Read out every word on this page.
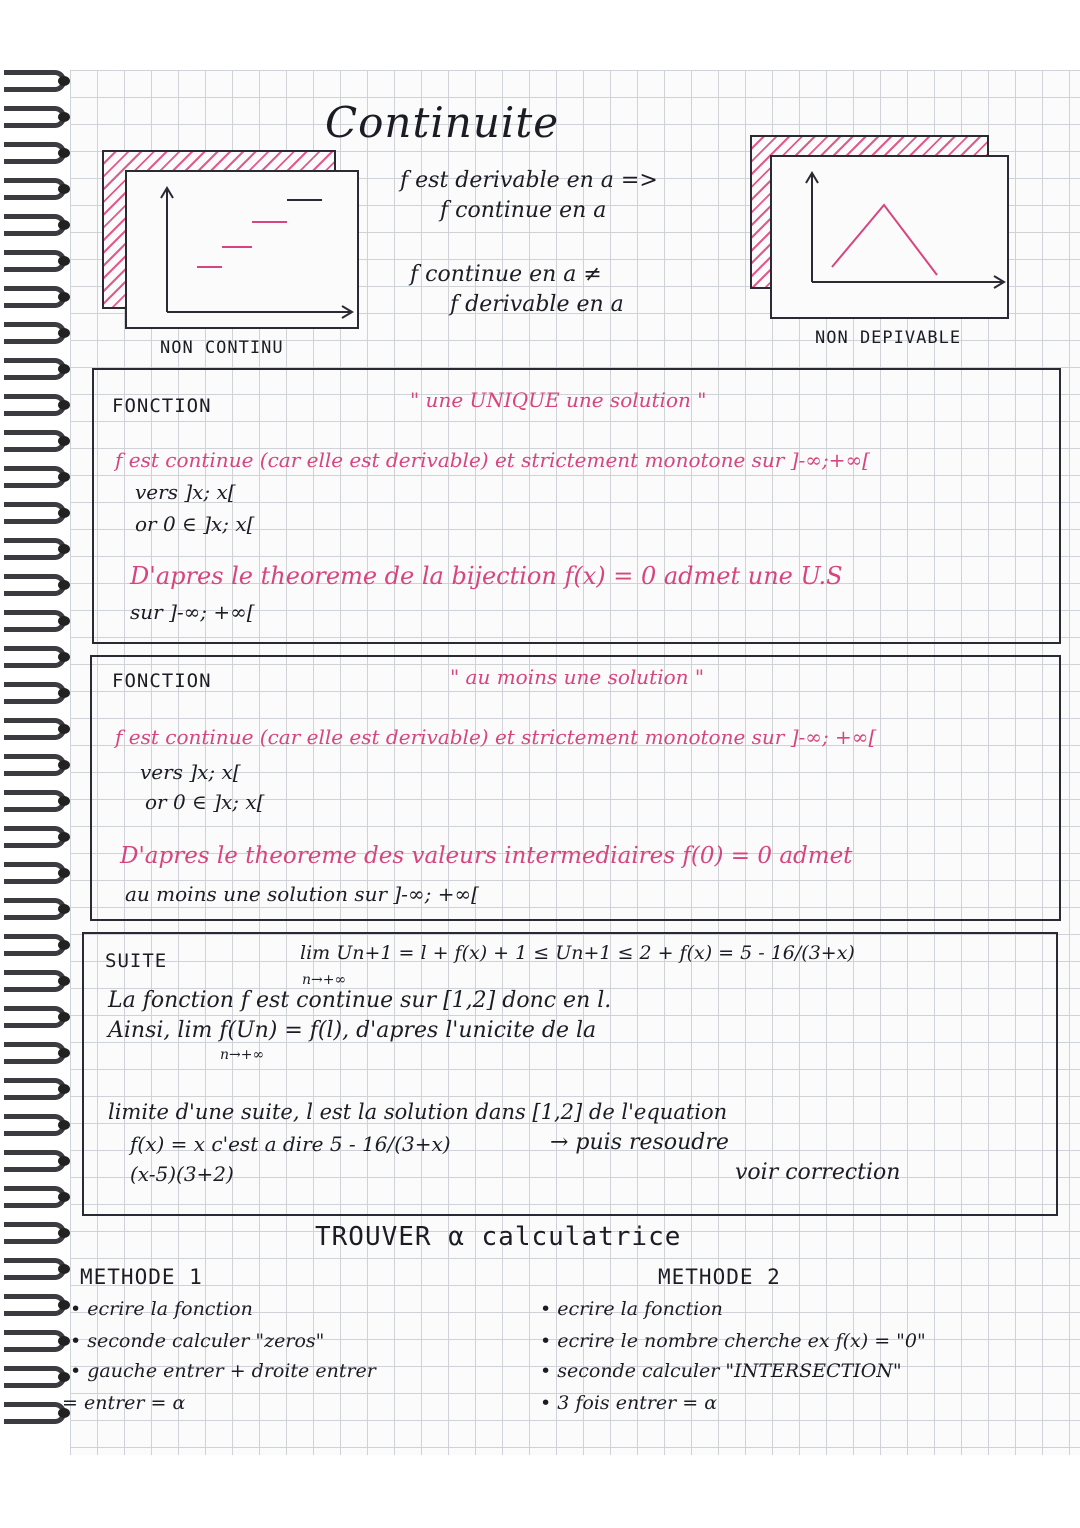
Continuite
NON CONTINU
f est derivable en a =>
f continue en a
f continue en a ≠
f derivable en a
NON DEPIVABLE
FONCTION	" une UNIQUE une solution "
f est continue (car elle est derivable) et strictement monotone sur ]-∞;+∞[
vers ]x; x[
or 0 ∈ ]x; x[
D'apres le theoreme de la bijection f(x) = 0 admet une U.S
sur ]-∞; +∞[
FONCTION	" au moins une solution "
f est continue (car elle est derivable) et strictement monotone sur ]-∞; +∞[
vers ]x; x[
or 0 ∈ ]x; x[
D'apres le theoreme des valeurs intermediaires f(0) = 0 admet
au moins une solution sur ]-∞; +∞[
SUITE	lim Un+1 = l + f(x) + 1 ≤ Un+1 ≤ 2 + f(x) = 5 - 16/(3+x)
n→+∞
La fonction f est continue sur [1,2] donc en l.
Ainsi, lim f(Un) = f(l), d'apres l'unicite de la
n→+∞
limite d'une suite, l est la solution dans [1,2] de l'equation
f(x) = x c'est a dire 5 - 16/(3+x)	→ puis resoudre
(x-5)(3+2)	voir correction
TROUVER α calculatrice
METHODE 1
• ecrire la fonction
• seconde calculer "zeros"
• gauche entrer + droite entrer
= entrer = α
METHODE 2
• ecrire la fonction
• ecrire le nombre cherche ex f(x) = "0"
• seconde calculer "INTERSECTION"
• 3 fois entrer = α
